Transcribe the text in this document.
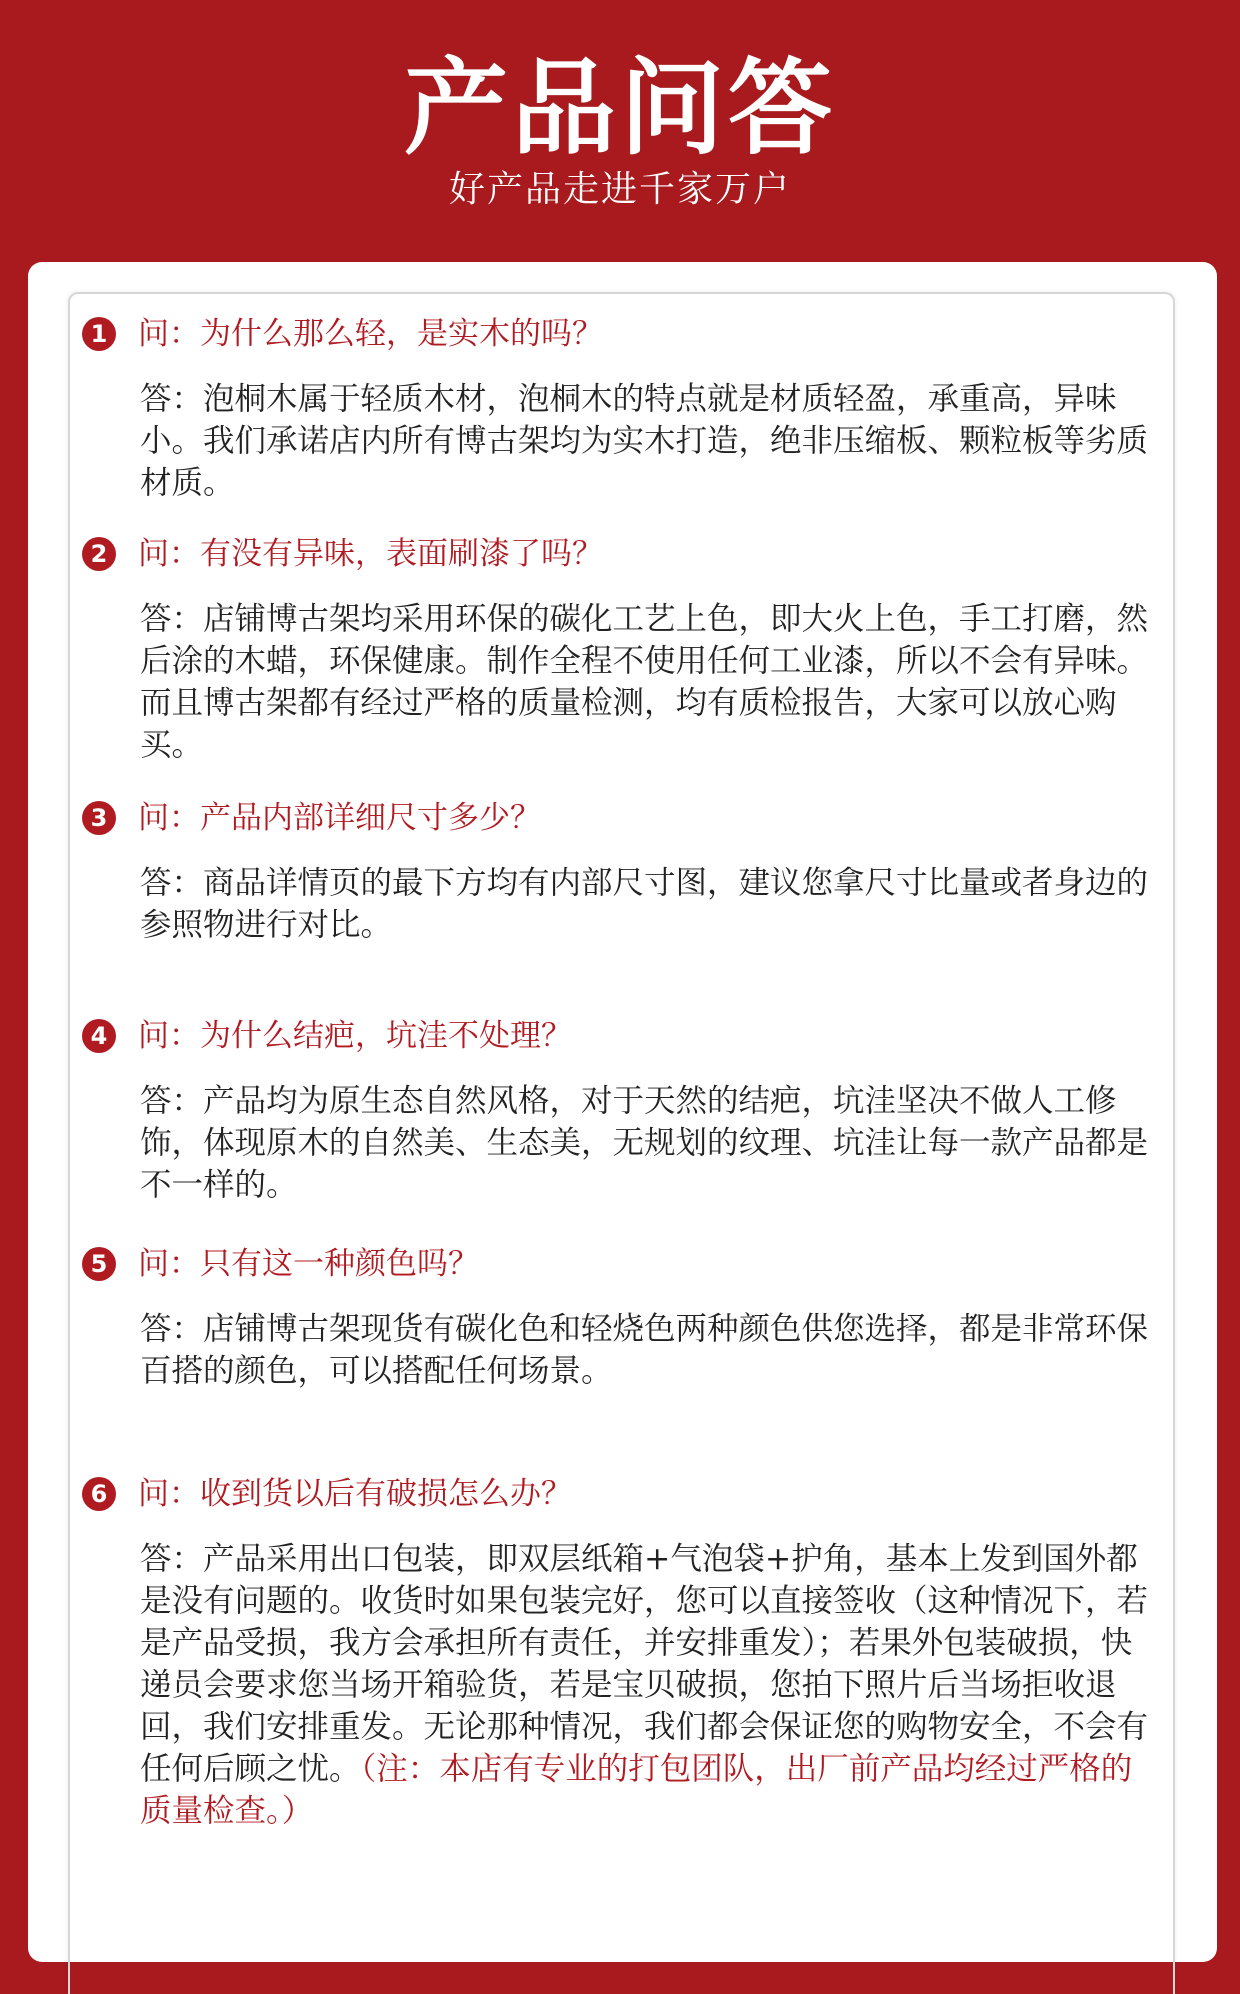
产品问答
好产品走进千家万户
1 问：为什么那么轻，是实木的吗？
答：泡桐木属于轻质木材，泡桐木的特点就是材质轻盈，承重高，异味小。我们承诺店内所有博古架均为实木打造，绝非压缩板、颗粒板等劣质材质。
2 问：有没有异味，表面刷漆了吗？
答：店铺博古架均采用环保的碳化工艺上色，即大火上色，手工打磨，然后涂的木蜡，环保健康。制作全程不使用任何工业漆，所以不会有异味。而且博古架都有经过严格的质量检测，均有质检报告，大家可以放心购买。
3 问：产品内部详细尺寸多少？
答：商品详情页的最下方均有内部尺寸图，建议您拿尺寸比量或者身边的参照物进行对比。
4 问：为什么结疤，坑洼不处理？
答：产品均为原生态自然风格，对于天然的结疤，坑洼坚决不做人工修饰，体现原木的自然美、生态美，无规划的纹理、坑洼让每一款产品都是不一样的。
5 问：只有这一种颜色吗？
答：店铺博古架现货有碳化色和轻烧色两种颜色供您选择，都是非常环保百搭的颜色，可以搭配任何场景。
6 问：收到货以后有破损怎么办？
答：产品采用出口包装，即双层纸箱+气泡袋+护角，基本上发到国外都是没有问题的。收货时如果包装完好，您可以直接签收（这种情况下，若是产品受损，我方会承担所有责任，并安排重发）；若果外包装破损，快递员会要求您当场开箱验货，若是宝贝破损，您拍下照片后当场拒收退回，我们安排重发。无论那种情况，我们都会保证您的购物安全，不会有任何后顾之忧。（注：本店有专业的打包团队，出厂前产品均经过严格的质量检查。）
